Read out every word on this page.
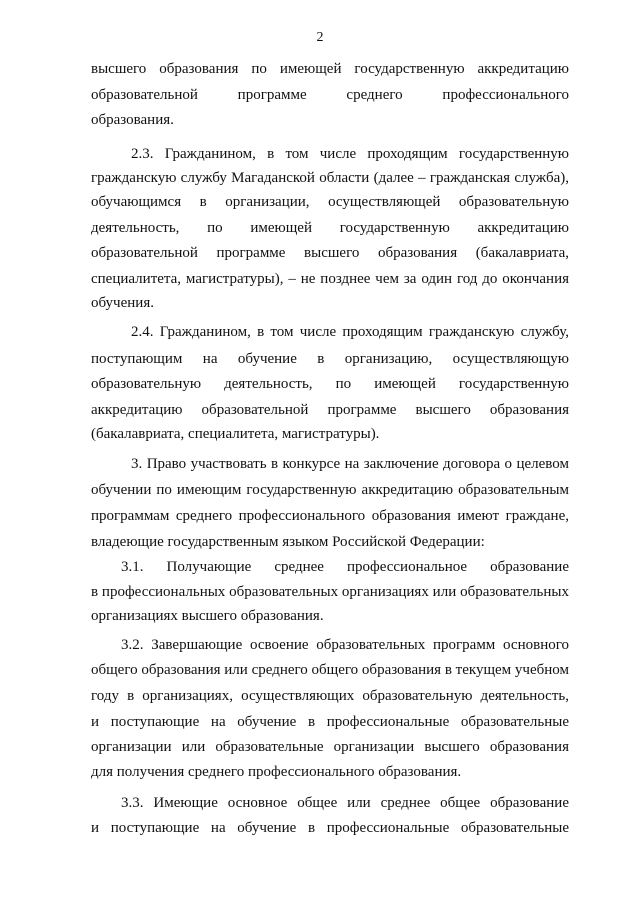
2
высшего образования по имеющей государственную аккредитацию
образовательной программе среднего профессионального
образования.
2.3. Гражданином, в том числе проходящим государственную
гражданскую службу Магаданской области (далее – гражданская служба),
обучающимся в организации, осуществляющей образовательную
деятельность, по имеющей государственную аккредитацию
образовательной программе высшего образования (бакалавриата,
специалитета, магистратуры), – не позднее чем за один год до окончания
обучения.
2.4. Гражданином, в том числе проходящим гражданскую службу,
поступающим на обучение в организацию, осуществляющую
образовательную деятельность, по имеющей государственную
аккредитацию образовательной программе высшего образования
(бакалавриата, специалитета, магистратуры).
3. Право участвовать в конкурсе на заключение договора о целевом
обучении по имеющим государственную аккредитацию образовательным
программам среднего профессионального образования имеют граждане,
владеющие государственным языком Российской Федерации:
3.1. Получающие среднее профессиональное образование
в профессиональных образовательных организациях или образовательных
организациях высшего образования.
3.2. Завершающие освоение образовательных программ основного
общего образования или среднего общего образования в текущем учебном
году в организациях, осуществляющих образовательную деятельность,
и поступающие на обучение в профессиональные образовательные
организации или образовательные организации высшего образования
для получения среднего профессионального образования.
3.3. Имеющие основное общее или среднее общее образование
и поступающие на обучение в профессиональные образовательные
